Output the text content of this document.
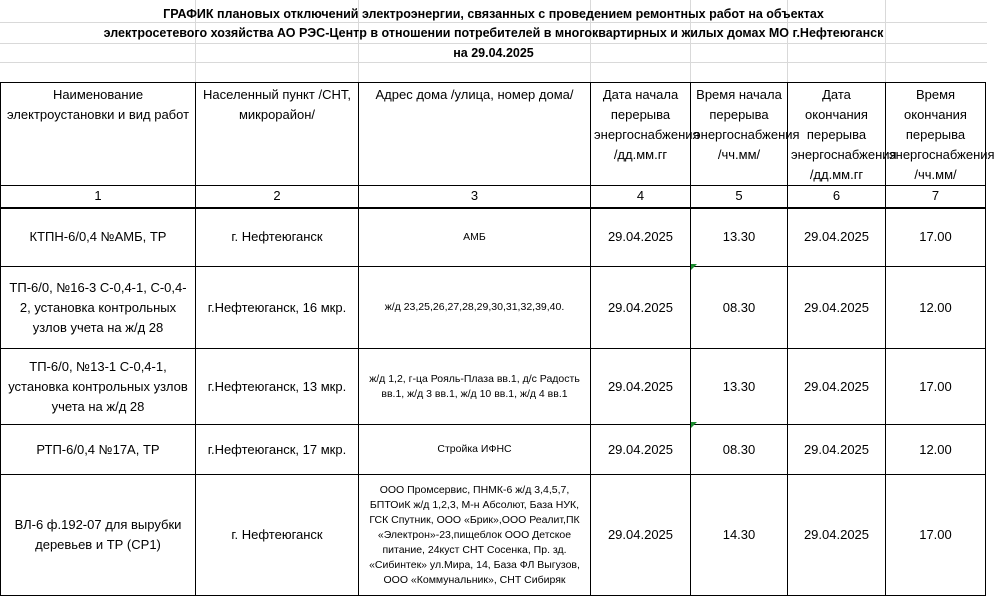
ГРАФИК плановых отключений электроэнергии, связанных с проведением ремонтных работ на объектах
электросетевого хозяйства АО РЭС-Центр в отношении потребителей в многоквартирных и жилых домах МО г.Нефтеюганск
на 29.04.2025
Наименование электроустановки и вид работ	Населенный пункт /СНТ, микрорайон/	Адрес дома /улица, номер дома/	Дата начала перерыва энергоснабжения /дд.мм.гг	Время начала перерыва энергоснабжения /чч.мм/	Дата окончания перерыва энергоснабжения /дд.мм.гг	Время окончания перерыва энергоснабжения /чч.мм/
1	2	3	4	5	6	7
КТПН-6/0,4 №АМБ, ТР	г. Нефтеюганск	АМБ	29.04.2025	13.30	29.04.2025	17.00
ТП-6/0, №16-3 С-0,4-1, С-0,4-2, установка контрольных узлов учета на ж/д 28	г.Нефтеюганск, 16 мкр.	ж/д 23,25,26,27,28,29,30,31,32,39,40.	29.04.2025	08.30	29.04.2025	12.00
ТП-6/0, №13-1 С-0,4-1, установка контрольных узлов учета на ж/д 28	г.Нефтеюганск, 13 мкр.	ж/д 1,2, г-ца Рояль-Плаза вв.1, д/с Радость вв.1, ж/д 3 вв.1, ж/д 10 вв.1, ж/д 4 вв.1	29.04.2025	13.30	29.04.2025	17.00
РТП-6/0,4 №17А, ТР	г.Нефтеюганск, 17 мкр.	Стройка ИФНС	29.04.2025	08.30	29.04.2025	12.00
ВЛ-6 ф.192-07 для вырубки деревьев и ТР (СР1)	г. Нефтеюганск	ООО Промсервис, ПНМК-6 ж/д 3,4,5,7, БПТОиК ж/д 1,2,3, М-н Абсолют, База НУК, ГСК Спутник, ООО «Брик»,ООО Реалит,ПК «Электрон»-23,пищеблок ООО Детское питание, 24куст СНТ Сосенка, Пр. зд. «Сибинтек» ул.Мира, 14, База ФЛ Выгузов, ООО «Коммунальник», СНТ Сибиряк	29.04.2025	14.30	29.04.2025	17.00
